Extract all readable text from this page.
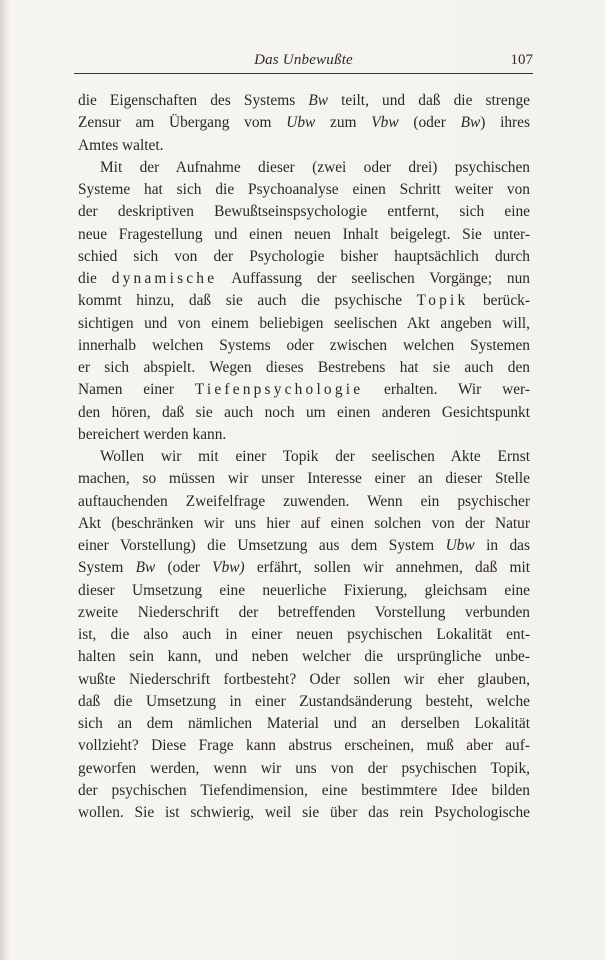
Das Unbewußte	107
die Eigenschaften des Systems Bw teilt, und daß die strenge
Zensur am Übergang vom Ubw zum Vbw (oder Bw) ihres
Amtes waltet.
Mit der Aufnahme dieser (zwei oder drei) psychischen
Systeme hat sich die Psychoanalyse einen Schritt weiter von
der deskriptiven Bewußtseinspsychologie entfernt, sich eine
neue Fragestellung und einen neuen Inhalt beigelegt. Sie unter-
schied sich von der Psychologie bisher hauptsächlich durch
die dynamische Auffassung der seelischen Vorgänge; nun
kommt hinzu, daß sie auch die psychische Topik berück-
sichtigen und von einem beliebigen seelischen Akt angeben will,
innerhalb welchen Systems oder zwischen welchen Systemen
er sich abspielt. Wegen dieses Bestrebens hat sie auch den
Namen einer Tiefenpsychologie erhalten. Wir wer-
den hören, daß sie auch noch um einen anderen Gesichtspunkt
bereichert werden kann.
Wollen wir mit einer Topik der seelischen Akte Ernst
machen, so müssen wir unser Interesse einer an dieser Stelle
auftauchenden Zweifelfrage zuwenden. Wenn ein psychischer
Akt (beschränken wir uns hier auf einen solchen von der Natur
einer Vorstellung) die Umsetzung aus dem System Ubw in das
System Bw (oder Vbw) erfährt, sollen wir annehmen, daß mit
dieser Umsetzung eine neuerliche Fixierung, gleichsam eine
zweite Niederschrift der betreffenden Vorstellung verbunden
ist, die also auch in einer neuen psychischen Lokalität ent-
halten sein kann, und neben welcher die ursprüngliche unbe-
wußte Niederschrift fortbesteht? Oder sollen wir eher glauben,
daß die Umsetzung in einer Zustandsänderung besteht, welche
sich an dem nämlichen Material und an derselben Lokalität
vollzieht? Diese Frage kann abstrus erscheinen, muß aber auf-
geworfen werden, wenn wir uns von der psychischen Topik,
der psychischen Tiefendimension, eine bestimmtere Idee bilden
wollen. Sie ist schwierig, weil sie über das rein Psychologische
